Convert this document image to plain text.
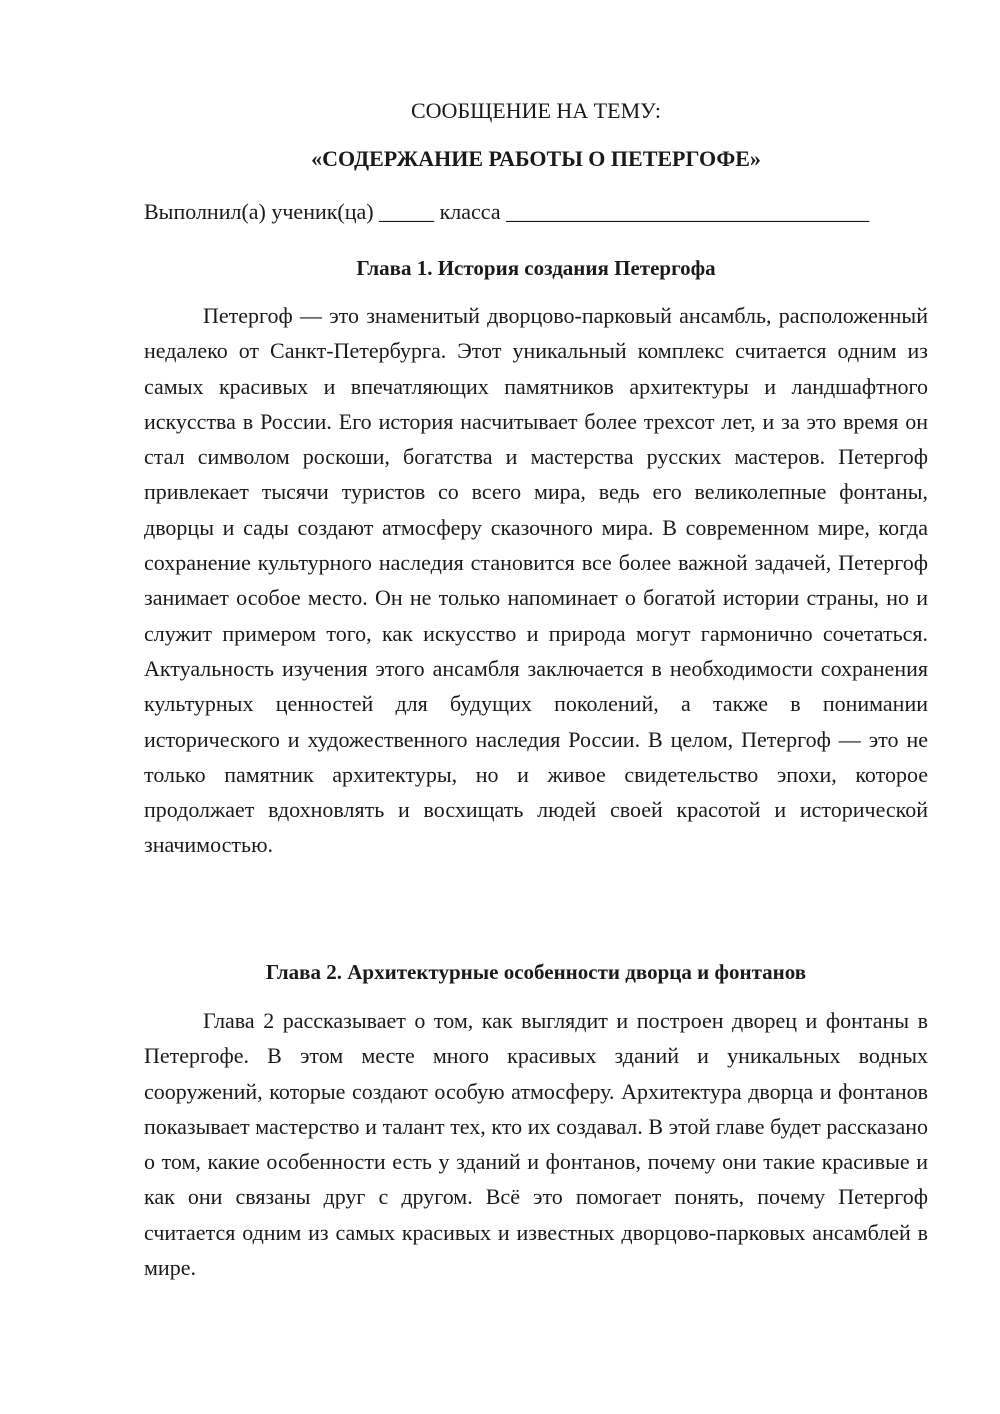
СООБЩЕНИЕ НА ТЕМУ:
«СОДЕРЖАНИЕ РАБОТЫ О ПЕТЕРГОФЕ»
Выполнил(а) ученик(ца) _____ класса _________________________________
Глава 1. История создания Петергофа

Петергоф — это знаменитый дворцово-парковый ансамбль, расположенный недалеко от Санкт-Петербурга. Этот уникальный комплекс считается одним из самых красивых и впечатляющих памятников архитектуры и ландшафтного искусства в России. Его история насчитывает более трехсот лет, и за это время он стал символом роскоши, богатства и мастерства русских мастеров. Петергоф привлекает тысячи туристов со всего мира, ведь его великолепные фонтаны, дворцы и сады создают атмосферу сказочного мира. В современном мире, когда сохранение культурного наследия становится все более важной задачей, Петергоф занимает особое место. Он не только напоминает о богатой истории страны, но и служит примером того, как искусство и природа могут гармонично сочетаться. Актуальность изучения этого ансамбля заключается в необходимости сохранения культурных ценностей для будущих поколений, а также в понимании исторического и художественного наследия России. В целом, Петергоф — это не только памятник архитектуры, но и живое свидетельство эпохи, которое продолжает вдохновлять и восхищать людей своей красотой и исторической значимостью.

Глава 2. Архитектурные особенности дворца и фонтанов

Глава 2 рассказывает о том, как выглядит и построен дворец и фонтаны в Петергофе. В этом месте много красивых зданий и уникальных водных сооружений, которые создают особую атмосферу. Архитектура дворца и фонтанов показывает мастерство и талант тех, кто их создавал. В этой главе будет рассказано о том, какие особенности есть у зданий и фонтанов, почему они такие красивые и как они связаны друг с другом. Всё это помогает понять, почему Петергоф считается одним из самых красивых и известных дворцово-парковых ансамблей в мире.
